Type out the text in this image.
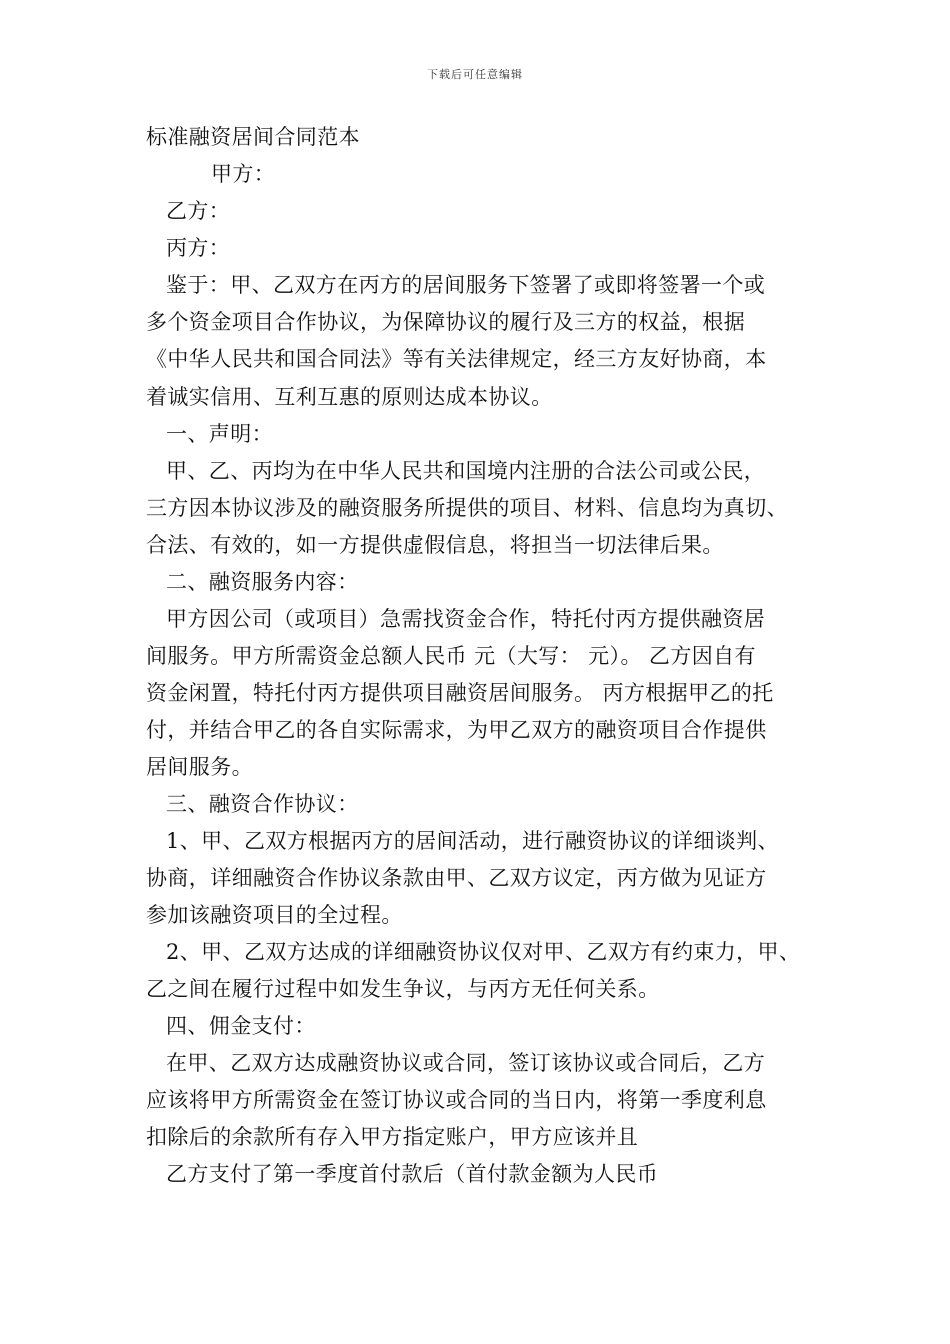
下载后可任意编辑
标准融资居间合同范本
甲方：
乙方：
丙方：
鉴于：甲、乙双方在丙方的居间服务下签署了或即将签署一个或
多个资金项目合作协议，为保障协议的履行及三方的权益，根据
《中华人民共和国合同法》等有关法律规定，经三方友好协商，本
着诚实信用、互利互惠的原则达成本协议。
一、声明：
甲、乙、丙均为在中华人民共和国境内注册的合法公司或公民，
三方因本协议涉及的融资服务所提供的项目、材料、信息均为真切、
合法、有效的，如一方提供虚假信息，将担当一切法律后果。
二、融资服务内容：
甲方因公司（或项目）急需找资金合作，特托付丙方提供融资居
间服务。甲方所需资金总额人民币 元（大写： 元）。 乙方因自有
资金闲置，特托付丙方提供项目融资居间服务。 丙方根据甲乙的托
付，并结合甲乙的各自实际需求，为甲乙双方的融资项目合作提供
居间服务。
三、融资合作协议：
1、甲、乙双方根据丙方的居间活动，进行融资协议的详细谈判、
协商，详细融资合作协议条款由甲、乙双方议定，丙方做为见证方
参加该融资项目的全过程。
2、甲、乙双方达成的详细融资协议仅对甲、乙双方有约束力，甲、
乙之间在履行过程中如发生争议，与丙方无任何关系。
四、佣金支付：
在甲、乙双方达成融资协议或合同，签订该协议或合同后，乙方
应该将甲方所需资金在签订协议或合同的当日内，将第一季度利息
扣除后的余款所有存入甲方指定账户，甲方应该并且
乙方支付了第一季度首付款后（首付款金额为人民币
